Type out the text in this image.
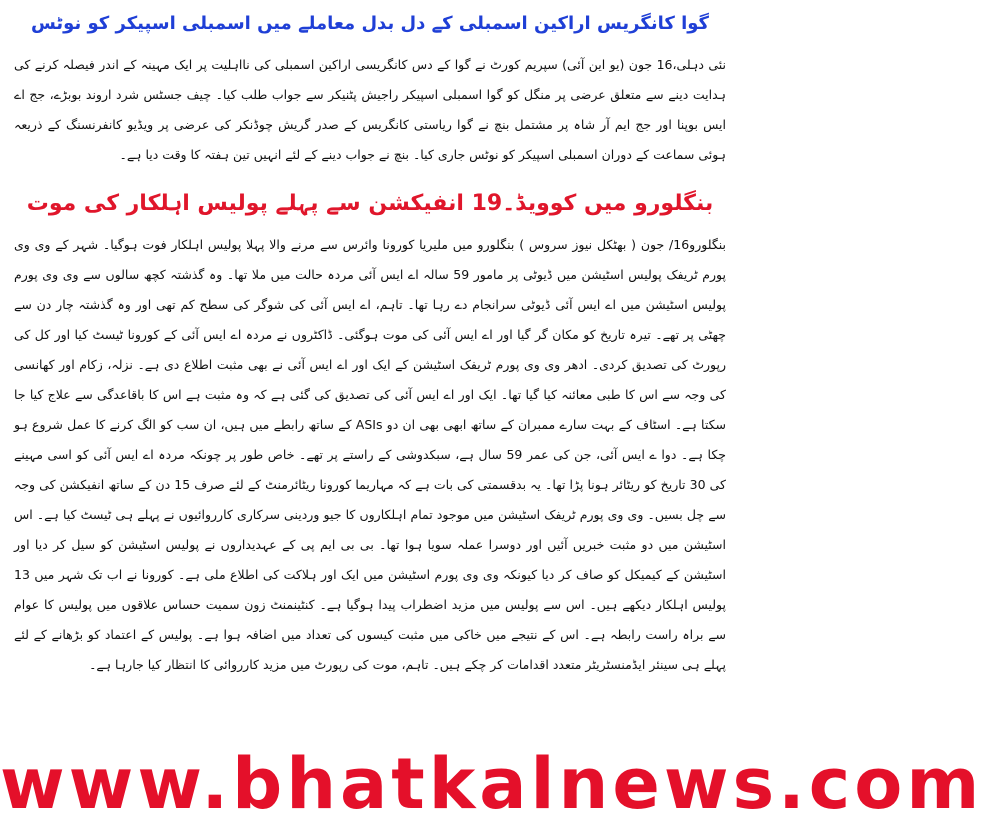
گوا کانگریس اراکین اسمبلی کے دل بدل معاملے میں اسمبلی اسپیکر کو نوٹس

نئی دہلی،16 جون (یو این آئی) سپریم کورٹ نے گوا کے دس کانگریسی اراکین اسمبلی کی نااہلیت پر ایک مہینہ کے اندر فیصلہ کرنے کی ہدایت دینے سے متعلق عرضی پر منگل کو گوا اسمبلی اسپیکر راجیش پٹنیکر سے جواب طلب کیا۔ چیف جسٹس شرد اروند بوبڑے، جج اے ایس بوپنا اور جج ایم آر شاہ پر مشتمل بنچ نے گوا ریاستی کانگریس کے صدر گریش چوڈنکر کی عرضی پر ویڈیو کانفرنسنگ کے ذریعہ ہوئی سماعت کے دوران اسمبلی اسپیکر کو نوٹس جاری کیا۔ بنچ نے جواب دینے کے لئے انہیں تین ہفتہ کا وقت دیا ہے۔

بنگلورو میں کوویڈ۔19 انفیکشن سے پہلے پولیس اہلکار کی موت

بنگلورو16/ جون ( بھٹکل نیوز سروس ) بنگلورو میں ملیریا کورونا وائرس سے مرنے والا پہلا پولیس اہلکار فوت ہوگیا۔ شہر کے وی وی پورم ٹریفک پولیس اسٹیشن میں ڈیوٹی پر مامور 59 سالہ اے ایس آئی مردہ حالت میں ملا تھا۔ وہ گذشتہ کچھ سالوں سے وی وی پورم پولیس اسٹیشن میں اے ایس آئی ڈیوٹی سرانجام دے رہا تھا۔ تاہم، اے ایس آئی کی شوگر کی سطح کم تھی اور وہ گذشتہ چار دن سے چھٹی پر تھے۔ تیرہ تاریخ کو مکان گر گیا اور اے ایس آئی کی موت ہوگئی۔ ڈاکٹروں نے مردہ اے ایس آئی کے کورونا ٹیسٹ کیا اور کل کی رپورٹ کی تصدیق کردی۔ ادھر وی وی پورم ٹریفک اسٹیشن کے ایک اور اے ایس آئی نے بھی مثبت اطلاع دی ہے۔ نزلہ، زکام اور کھانسی کی وجہ سے اس کا طبی معائنہ کیا گیا تھا۔ ایک اور اے ایس آئی کی تصدیق کی گئی ہے کہ وہ مثبت ہے اس کا باقاعدگی سے علاج کیا جا سکتا ہے۔ اسٹاف کے بہت سارے ممبران کے ساتھ ابھی بھی ان دو ASIs کے ساتھ رابطے میں ہیں، ان سب کو الگ کرنے کا عمل شروع ہو چکا ہے۔ دوا ے ایس آئی، جن کی عمر 59 سال ہے، سبکدوشی کے راستے پر تھے۔ خاص طور پر چونکہ مردہ اے ایس آئی کو اسی مہینے کی 30 تاریخ کو ریٹائر ہونا پڑا تھا۔ یہ بدقسمتی کی بات ہے کہ مہاریما کورونا ریٹائرمنٹ کے لئے صرف 15 دن کے ساتھ انفیکشن کی وجہ سے چل بسیں۔ وی وی پورم ٹریفک اسٹیشن میں موجود تمام اہلکاروں کا جیو وردینی سرکاری کارروائیوں نے پہلے ہی ٹیسٹ کیا ہے۔ اس اسٹیشن میں دو مثبت خبریں آئیں اور دوسرا عملہ سویا ہوا تھا۔ بی بی ایم پی کے عہدیداروں نے پولیس اسٹیشن کو سیل کر دیا اور اسٹیشن کے کیمیکل کو صاف کر دیا کیونکہ وی وی پورم اسٹیشن میں ایک اور ہلاکت کی اطلاع ملی ہے۔ کورونا نے اب تک شہر میں 13 پولیس اہلکار دیکھے ہیں۔ اس سے پولیس میں مزید اضطراب پیدا ہوگیا ہے۔ کنٹینمنٹ زون سمیت حساس علاقوں میں پولیس کا عوام سے براہ راست رابطہ ہے۔ اس کے نتیجے میں خاکی میں مثبت کیسوں کی تعداد میں اضافہ ہوا ہے۔ پولیس کے اعتماد کو بڑھانے کے لئے پہلے ہی سینئر ایڈمنسٹریٹر متعدد اقدامات کر چکے ہیں۔ تاہم، موت کی رپورٹ میں مزید کارروائی کا انتظار کیا جارہا ہے۔

www.bhatkalnews.com
